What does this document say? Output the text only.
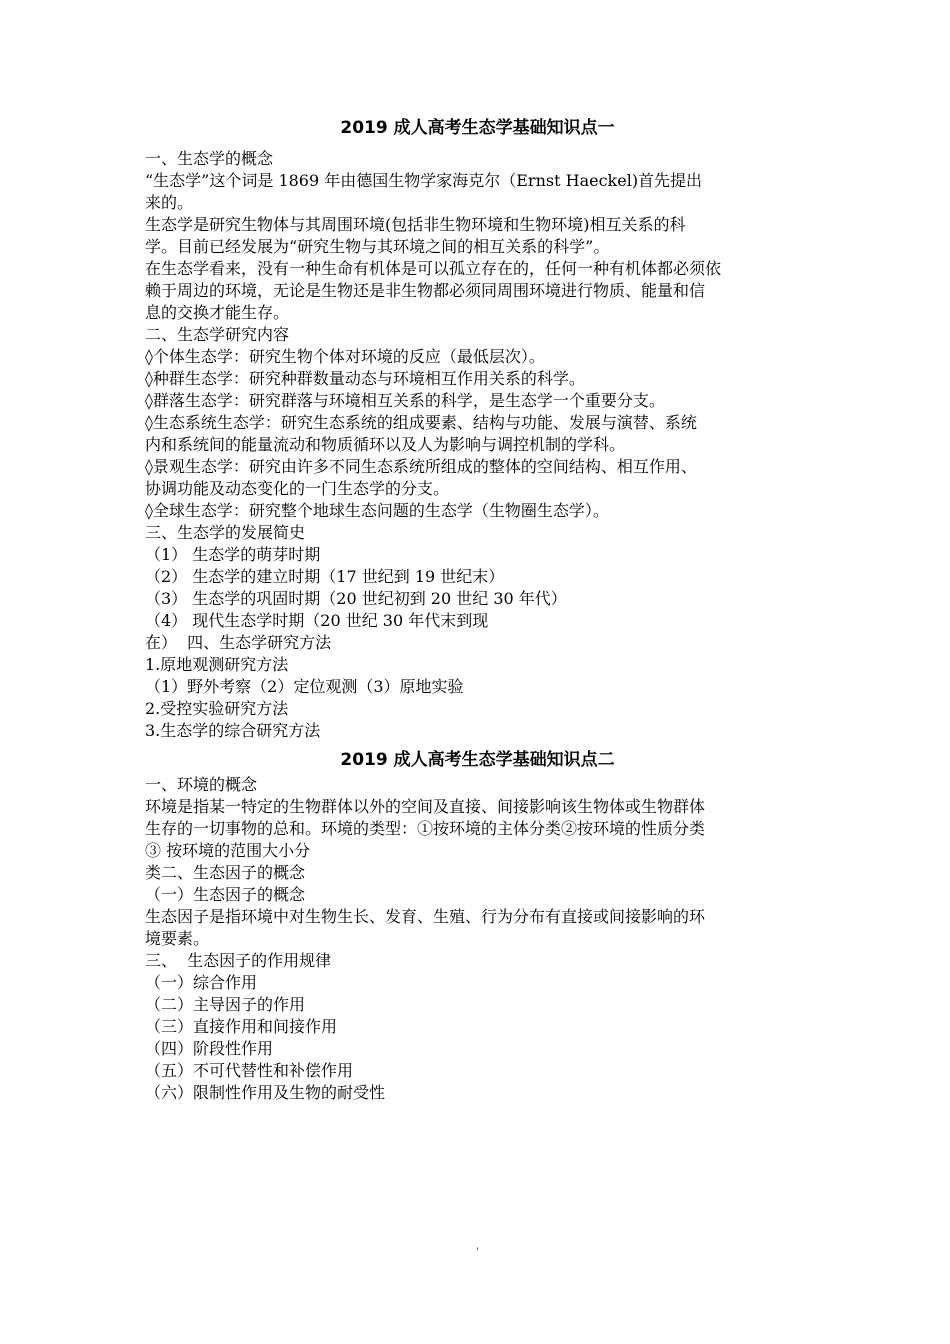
2019 成人高考生态学基础知识点一

一、生态学的概念

“生态学”这个词是 1869 年由德国生物学家海克尔（Ernst Haeckel)首先提出

来的。

生态学是研究生物体与其周围环境(包括非生物环境和生物环境)相互关系的科

学。目前已经发展为“研究生物与其环境之间的相互关系的科学”。

在生态学看来，没有一种生命有机体是可以孤立存在的，任何一种有机体都必须依

赖于周边的环境，无论是生物还是非生物都必须同周围环境进行物质、能量和信

息的交换才能生存。

二、生态学研究内容

◊个体生态学：研究生物个体对环境的反应（最低层次）。

◊种群生态学：研究种群数量动态与环境相互作用关系的科学。

◊群落生态学：研究群落与环境相互关系的科学，是生态学一个重要分支。

◊生态系统生态学：研究生态系统的组成要素、结构与功能、发展与演替、系统

内和系统间的能量流动和物质循环以及人为影响与调控机制的学科。

◊景观生态学：研究由许多不同生态系统所组成的整体的空间结构、相互作用、

协调功能及动态变化的一门生态学的分支。

◊全球生态学：研究整个地球生态问题的生态学（生物圈生态学）。

三、生态学的发展简史

（1） 生态学的萌芽时期

（2） 生态学的建立时期（17 世纪到 19 世纪末）

（3） 生态学的巩固时期（20 世纪初到 20 世纪 30 年代）

（4） 现代生态学时期（20 世纪 30 年代末到现

在）  四、生态学研究方法

1.原地观测研究方法

（1）野外考察（2）定位观测（3）原地实验

2.受控实验研究方法

3.生态学的综合研究方法

2019 成人高考生态学基础知识点二

一、环境的概念

环境是指某一特定的生物群体以外的空间及直接、间接影响该生物体或生物群体

生存的一切事物的总和。环境的类型：①按环境的主体分类②按环境的性质分类

③ 按环境的范围大小分

类二、生态因子的概念

（一）生态因子的概念

生态因子是指环境中对生物生长、发育、生殖、行为分布有直接或间接影响的环

境要素。

三、  生态因子的作用规律

（一）综合作用

（二）主导因子的作用

（三）直接作用和间接作用

（四）阶段性作用

（五）不可代替性和补偿作用

（六）限制性作用及生物的耐受性

'
